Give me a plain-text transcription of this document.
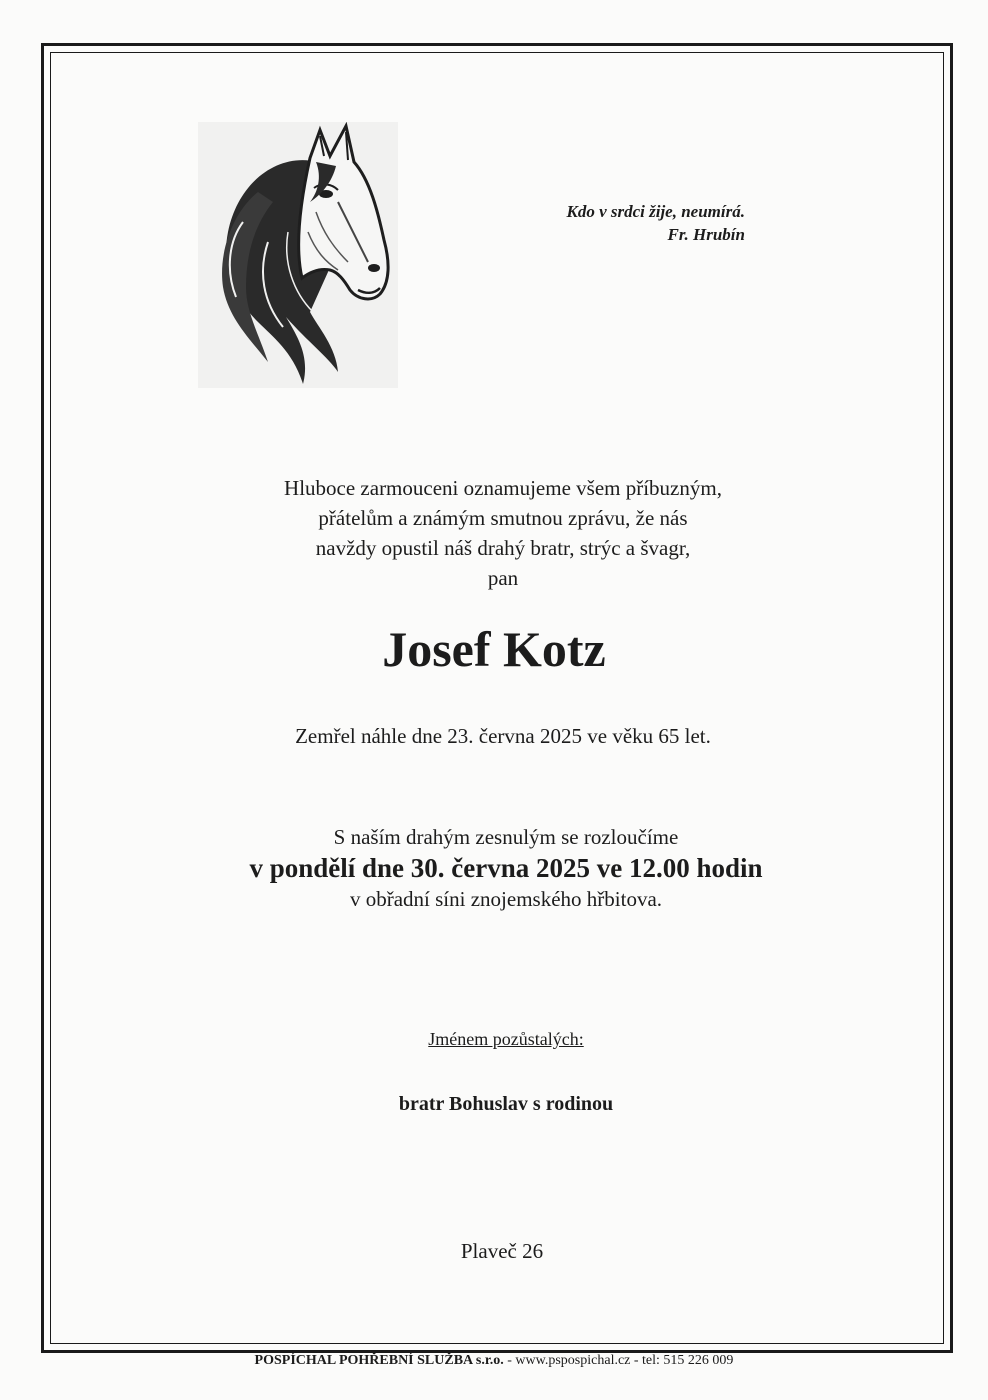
Kdo v srdci žije, neumírá.
Fr. Hrubín
Hluboce zarmouceni oznamujeme všem příbuzným,
přátelům a známým smutnou zprávu, že nás
navždy opustil náš drahý bratr, strýc a švagr,
pan
Josef Kotz
Zemřel náhle dne 23. června 2025 ve věku 65 let.
S naším drahým zesnulým se rozloučíme
v pondělí dne 30. června 2025 ve 12.00 hodin
v obřadní síni znojemského hřbitova.
Jménem pozůstalých:
bratr Bohuslav s rodinou
Plaveč 26
POSPÍCHAL POHŘEBNÍ SLUŽBA s.r.o. - www.pspospichal.cz - tel: 515 226 009
